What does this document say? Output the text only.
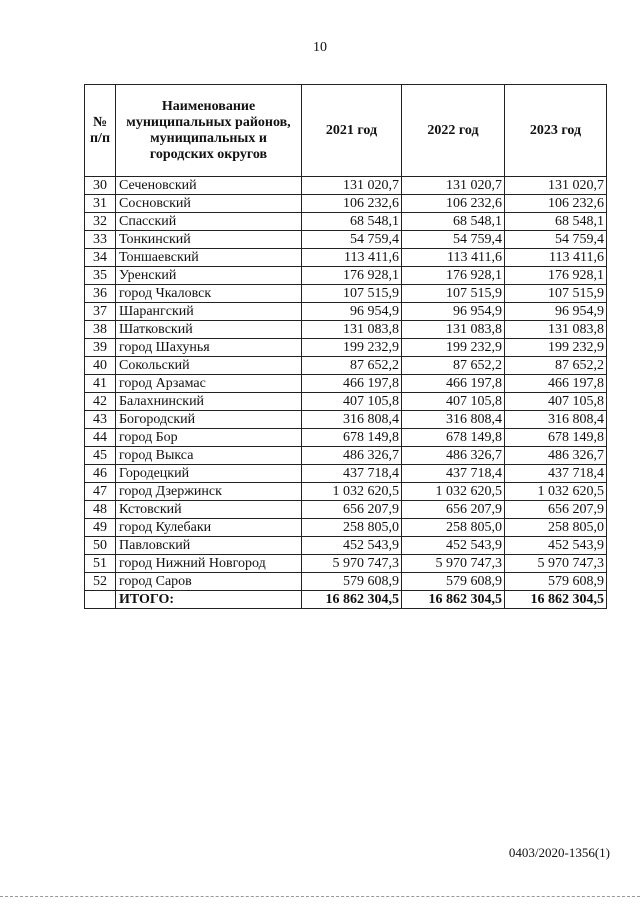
10
№ п/п	Наименование муниципальных районов, муниципальных и городских округов	2021 год	2022 год	2023 год
30	Сеченовский	131 020,7	131 020,7	131 020,7
31	Сосновский	106 232,6	106 232,6	106 232,6
32	Спасский	68 548,1	68 548,1	68 548,1
33	Тонкинский	54 759,4	54 759,4	54 759,4
34	Тоншаевский	113 411,6	113 411,6	113 411,6
35	Уренский	176 928,1	176 928,1	176 928,1
36	город Чкаловск	107 515,9	107 515,9	107 515,9
37	Шарангский	96 954,9	96 954,9	96 954,9
38	Шатковский	131 083,8	131 083,8	131 083,8
39	город Шахунья	199 232,9	199 232,9	199 232,9
40	Сокольский	87 652,2	87 652,2	87 652,2
41	город Арзамас	466 197,8	466 197,8	466 197,8
42	Балахнинский	407 105,8	407 105,8	407 105,8
43	Богородский	316 808,4	316 808,4	316 808,4
44	город Бор	678 149,8	678 149,8	678 149,8
45	город Выкса	486 326,7	486 326,7	486 326,7
46	Городецкий	437 718,4	437 718,4	437 718,4
47	город Дзержинск	1 032 620,5	1 032 620,5	1 032 620,5
48	Кстовский	656 207,9	656 207,9	656 207,9
49	город Кулебаки	258 805,0	258 805,0	258 805,0
50	Павловский	452 543,9	452 543,9	452 543,9
51	город Нижний Новгород	5 970 747,3	5 970 747,3	5 970 747,3
52	город Саров	579 608,9	579 608,9	579 608,9
	ИТОГО:	16 862 304,5	16 862 304,5	16 862 304,5
0403/2020-1356(1)
